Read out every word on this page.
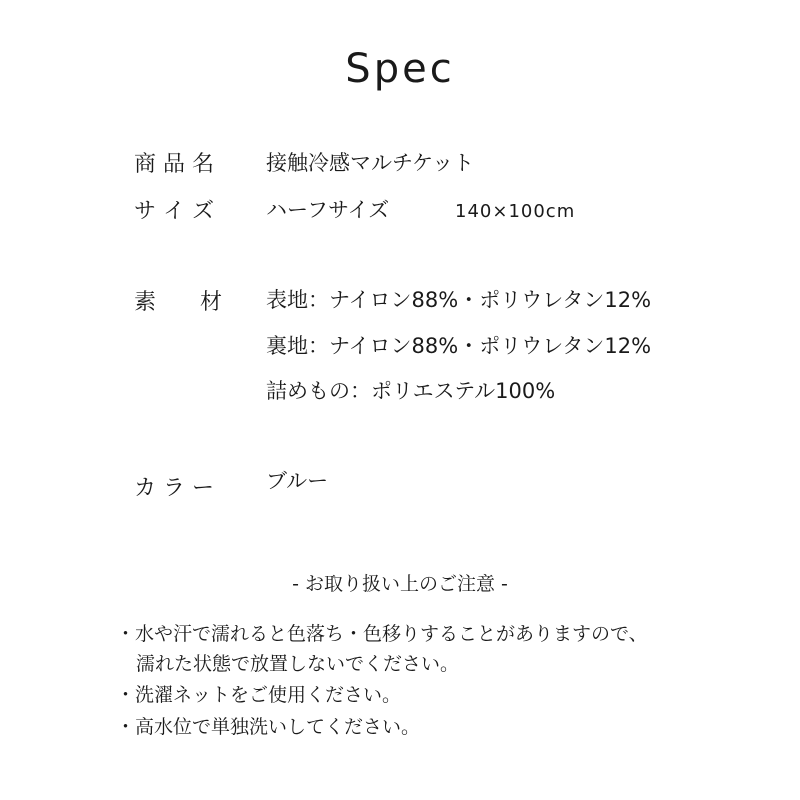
Spec
商 品 名 接触冷感マルチケット
サ イ ズ ハーフサイズ	140×100cm
素　　材 表地：ナイロン88%・ポリウレタン12%
裏地：ナイロン88%・ポリウレタン12%
詰めもの：ポリエステル100%
カ ラ ー ブルー
- お取り扱い上のご注意 -
・水や汗で濡れると色落ち・色移りすることがありますので、
濡れた状態で放置しないでください。
・洗濯ネットをご使用ください。
・高水位で単独洗いしてください。
